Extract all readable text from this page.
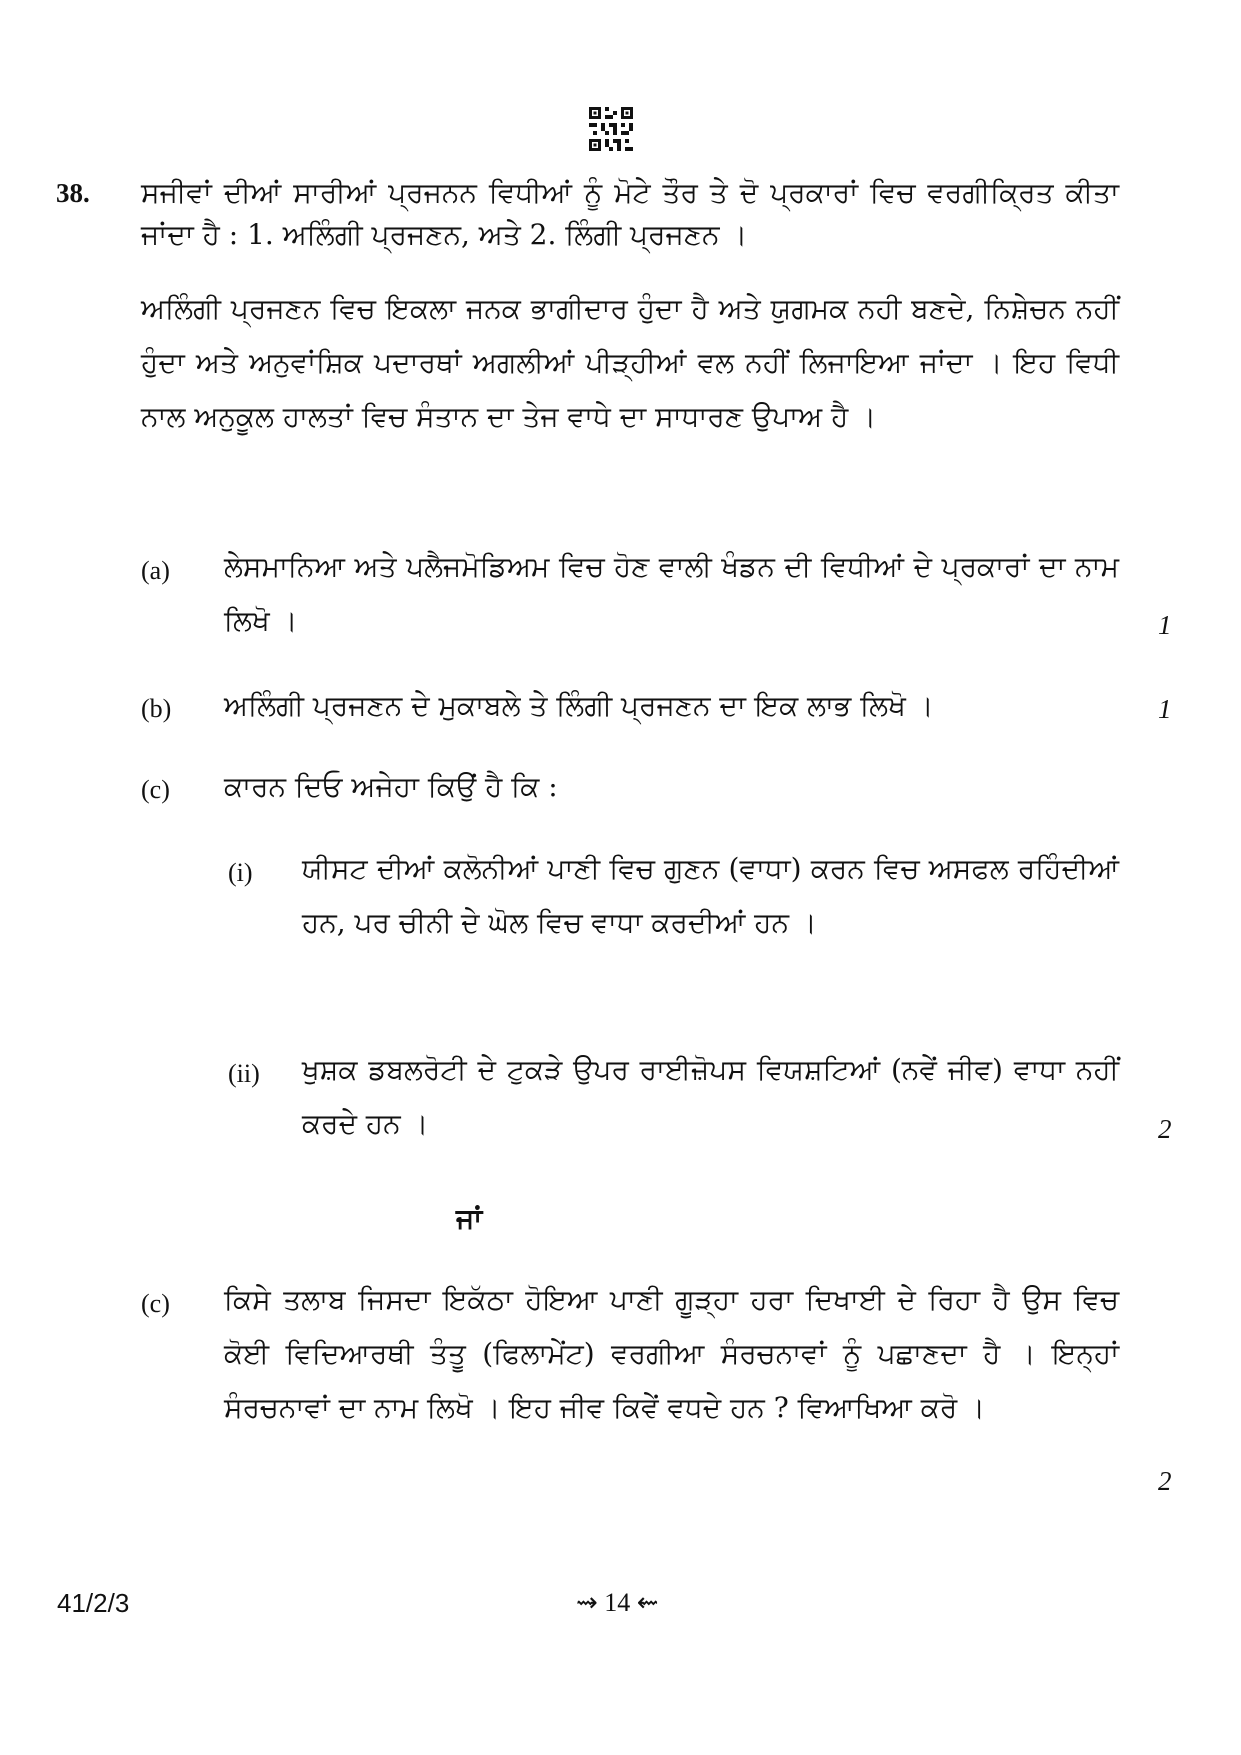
38. ਸਜੀਵਾਂ ਦੀਆਂ ਸਾਰੀਆਂ ਪ੍ਰਜਨਨ ਵਿਧੀਆਂ ਨੂੰ ਮੋਟੇ ਤੌਰ ਤੇ ਦੋ ਪ੍ਰਕਾਰਾਂ ਵਿਚ ਵਰਗੀਕ੍ਰਿਤ ਕੀਤਾ ਜਾਂਦਾ ਹੈ : 1. ਅਲਿੰਗੀ ਪ੍ਰਜਣਨ, ਅਤੇ 2. ਲਿੰਗੀ ਪ੍ਰਜਣਨ ।
ਅਲਿੰਗੀ ਪ੍ਰਜਣਨ ਵਿਚ ਇਕਲਾ ਜਨਕ ਭਾਗੀਦਾਰ ਹੁੰਦਾ ਹੈ ਅਤੇ ਯੁਗਮਕ ਨਹੀ ਬਣਦੇ, ਨਿਸ਼ੇਚਨ ਨਹੀਂ ਹੁੰਦਾ ਅਤੇ ਅਨੁਵਾਂਸ਼ਿਕ ਪਦਾਰਥਾਂ ਅਗਲੀਆਂ ਪੀੜ੍ਹੀਆਂ ਵਲ ਨਹੀਂ ਲਿਜਾਇਆ ਜਾਂਦਾ । ਇਹ ਵਿਧੀ ਨਾਲ ਅਨੁਕੂਲ ਹਾਲਤਾਂ ਵਿਚ ਸੰਤਾਨ ਦਾ ਤੇਜ ਵਾਧੇ ਦਾ ਸਾਧਾਰਣ ਉਪਾਅ ਹੈ ।
(a) ਲੇਸਮਾਨਿਆ ਅਤੇ ਪਲੈਜਮੋਡਿਅਮ ਵਿਚ ਹੋਣ ਵਾਲੀ ਖੰਡਨ ਦੀ ਵਿਧੀਆਂ ਦੇ ਪ੍ਰਕਾਰਾਂ ਦਾ ਨਾਮ ਲਿਖੋ ।	1
(b) ਅਲਿੰਗੀ ਪ੍ਰਜਣਨ ਦੇ ਮੁਕਾਬਲੇ ਤੇ ਲਿੰਗੀ ਪ੍ਰਜਣਨ ਦਾ ਇਕ ਲਾਭ ਲਿਖੋ ।	1
(c) ਕਾਰਨ ਦਿਓ ਅਜੇਹਾ ਕਿਉਂ ਹੈ ਕਿ :
(i) ਯੀਸਟ ਦੀਆਂ ਕਲੋਨੀਆਂ ਪਾਣੀ ਵਿਚ ਗੁਣਨ (ਵਾਧਾ) ਕਰਨ ਵਿਚ ਅਸਫਲ ਰਹਿੰਦੀਆਂ ਹਨ, ਪਰ ਚੀਨੀ ਦੇ ਘੋਲ ਵਿਚ ਵਾਧਾ ਕਰਦੀਆਂ ਹਨ ।
(ii) ਖੁਸ਼ਕ ਡਬਲਰੋਟੀ ਦੇ ਟੁਕੜੇ ਉਪਰ ਰਾਈਜ਼ੋਪਸ ਵਿਯਸ਼ਟਿਆਂ (ਨਵੇਂ ਜੀਵ) ਵਾਧਾ ਨਹੀਂ ਕਰਦੇ ਹਨ ।	2
ਜਾਂ
(c) ਕਿਸੇ ਤਲਾਬ ਜਿਸਦਾ ਇਕੱਠਾ ਹੋਇਆ ਪਾਣੀ ਗੂੜ੍ਹਾ ਹਰਾ ਦਿਖਾਈ ਦੇ ਰਿਹਾ ਹੈ ਉਸ ਵਿਚ ਕੋਈ ਵਿਦਿਆਰਥੀ ਤੰਤੂ (ਫਿਲਾਮੇਂਟ) ਵਰਗੀਆ ਸੰਰਚਨਾਵਾਂ ਨੂੰ ਪਛਾਣਦਾ ਹੈ । ਇਨ੍ਹਾਂ ਸੰਰਚਨਾਵਾਂ ਦਾ ਨਾਮ ਲਿਖੋ । ਇਹ ਜੀਵ ਕਿਵੇਂ ਵਧਦੇ ਹਨ ? ਵਿਆਖਿਆ ਕਰੋ ।
2
41/2/3	⇝ 14 ⇜
